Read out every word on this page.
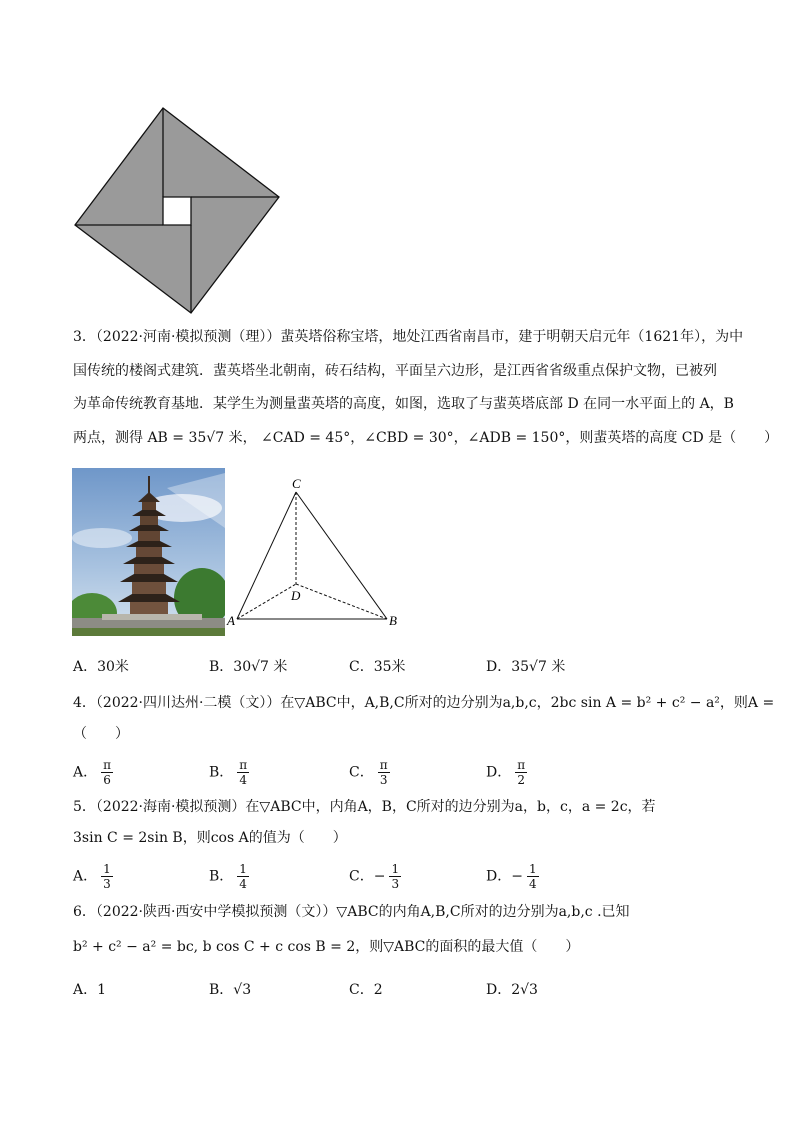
3．（2022·河南·模拟预测（理））蜚英塔俗称宝塔，地处江西省南昌市，建于明朝天启元年（1621年），为中
国传统的楼阁式建筑．蜚英塔坐北朝南，砖石结构，平面呈六边形，是江西省省级重点保护文物，已被列
为革命传统教育基地．某学生为测量蜚英塔的高度，如图，选取了与蜚英塔底部 D 在同一水平面上的 A，B
两点，测得 AB = 35√7 米， ∠CAD = 45°，∠CBD = 30°，∠ADB = 150°，则蜚英塔的高度 CD 是（　　）
C
D
A	B
A．30米	B．30√7 米	C．35米	D．35√7 米
4．（2022·四川达州·二模（文））在▽ABC中，A,B,C所对的边分别为a,b,c，2bc sin A = b² + c² − a²，则A =
（　　）
A． $\frac{\pi}{6}$	B． $\frac{\pi}{4}$	C． $\frac{\pi}{3}$	D． $\frac{\pi}{2}$
5．（2022·海南·模拟预测）在▽ABC中，内角A，B，C所对的边分别为a，b，c，a = 2c，若
3sin C = 2sin B，则cos A的值为（　　）
A． $\frac{1}{3}$	B． $\frac{1}{4}$	C．− $\frac{1}{3}$	D．− $\frac{1}{4}$
6．（2022·陕西·西安中学模拟预测（文））▽ABC的内角A,B,C所对的边分别为a,b,c .已知
b² + c² − a² = bc, b cos C + c cos B = 2，则▽ABC的面积的最大值（　　）
A．1	B．√3	C．2	D．2√3
